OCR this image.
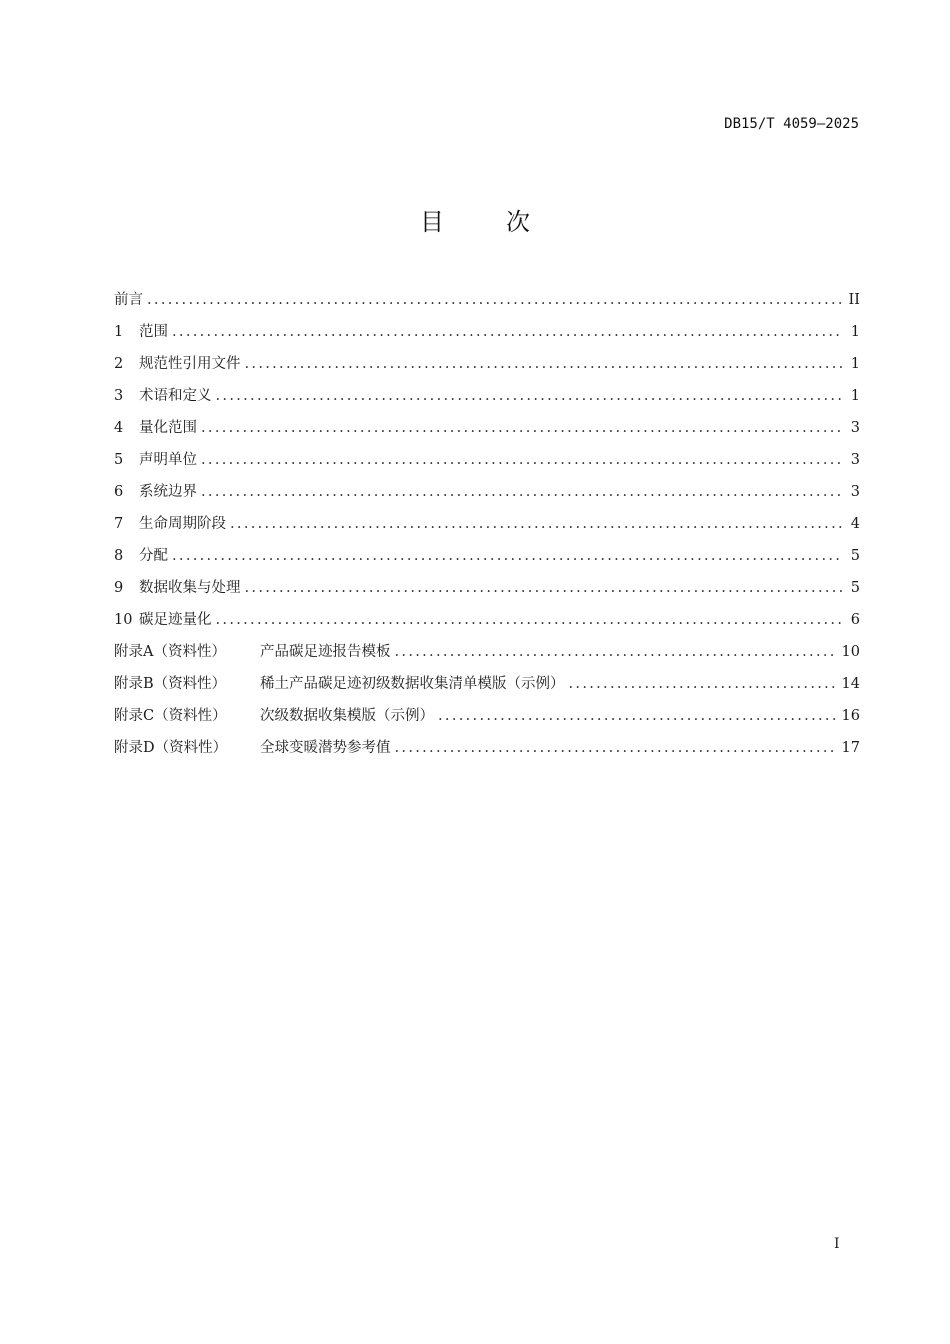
DB15/T 4059—2025
目次
前言 .....	II
1	范围 .....	1
2	规范性引用文件 .....	1
3	术语和定义 .....	1
4	量化范围 .....	3
5	声明单位 .....	3
6	系统边界 .....	3
7	生命周期阶段 .....	4
8	分配 .....	5
9	数据收集与处理 .....	5
10 碳足迹量化 .....	6
附录A（资料性）	产品碳足迹报告模板 .....	10
附录B（资料性）	稀土产品碳足迹初级数据收集清单模版（示例） .....	14
附录C（资料性）	次级数据收集模版（示例） .....	16
附录D（资料性）	全球变暖潜势参考值 .....	17
I
